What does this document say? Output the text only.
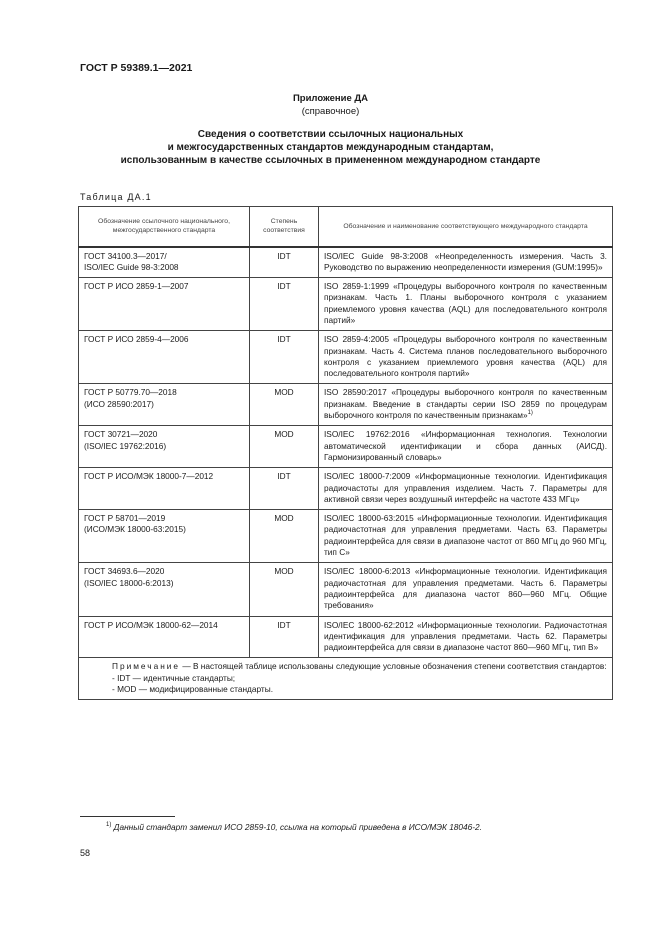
ГОСТ Р 59389.1—2021
Приложение ДА
(справочное)
Сведения о соответствии ссылочных национальных
и межгосударственных стандартов международным стандартам,
использованным в качестве ссылочных в примененном международном стандарте
Таблица ДА.1
Обозначение ссылочного национального, межгосударственного стандарта	Степень соответствия	Обозначение и наименование соответствующего международного стандарта

ГОСТ 34100.3—2017/
ISO/IEC Guide 98-3:2008	IDT	ISO/IEC Guide 98-3:2008 «Неопределенность измерения. Часть 3. Руководство по выражению неопределенности измерения (GUM:1995)»

ГОСТ Р ИСО 2859-1—2007	IDT	ISO 2859-1:1999 «Процедуры выборочного контроля по качественным признакам. Часть 1. Планы выборочного контроля с указанием приемлемого уровня качества (AQL) для последовательного контроля партий»

ГОСТ Р ИСО 2859-4—2006	IDT	ISO 2859-4:2005 «Процедуры выборочного контроля по качественным признакам. Часть 4. Система планов последовательного выборочного контроля с указанием приемлемого уровня качества (AQL) для последовательного контроля партий»

ГОСТ Р 50779.70—2018
(ИСО 28590:2017)	MOD	ISO 28590:2017 «Процедуры выборочного контроля по качественным признакам. Введение в стандарты серии ISO 2859 по процедурам выборочного контроля по качественным признакам»$^{1)}$

ГОСТ 30721—2020
(ISO/IEC 19762:2016)	MOD	ISO/IEC 19762:2016 «Информационная технология. Технологии автоматической идентификации и сбора данных (АИСД). Гармонизированный словарь»

ГОСТ Р ИСО/МЭК 18000-7—2012	IDT	ISO/IEC 18000-7:2009 «Информационные технологии. Идентификация радиочастоты для управления изделием. Часть 7. Параметры для активной связи через воздушный интерфейс на частоте 433 МГц»

ГОСТ Р 58701—2019
(ИСО/МЭК 18000-63:2015)	MOD	ISO/IEC 18000-63:2015 «Информационные технологии. Идентификация радиочастотная для управления предметами. Часть 63. Параметры радиоинтерфейса для связи в диапазоне частот от 860 МГц до 960 МГц, тип С»

ГОСТ 34693.6—2020
(ISO/IEC 18000-6:2013)	MOD	ISO/IEC 18000-6:2013 «Информационные технологии. Идентификация радиочастотная для управления предметами. Часть 6. Параметры радиоинтерфейса для диапазона частот 860—960 МГц. Общие требования»

ГОСТ Р ИСО/МЭК 18000-62—2014	IDT	ISO/IEC 18000-62:2012 «Информационные технологии. Радиочастотная идентификация для управления предметами. Часть 62. Параметры радиоинтерфейса для связи в диапазоне частот 860—960 МГц, тип В»

Примечание — В настоящей таблице использованы следующие условные обозначения степени соответствия стандартов:
- IDT — идентичные стандарты;
- MOD — модифицированные стандарты.		
$^{1)}$ Данный стандарт заменил ИСО 2859-10, ссылка на который приведена в ИСО/МЭК 18046-2.
58
